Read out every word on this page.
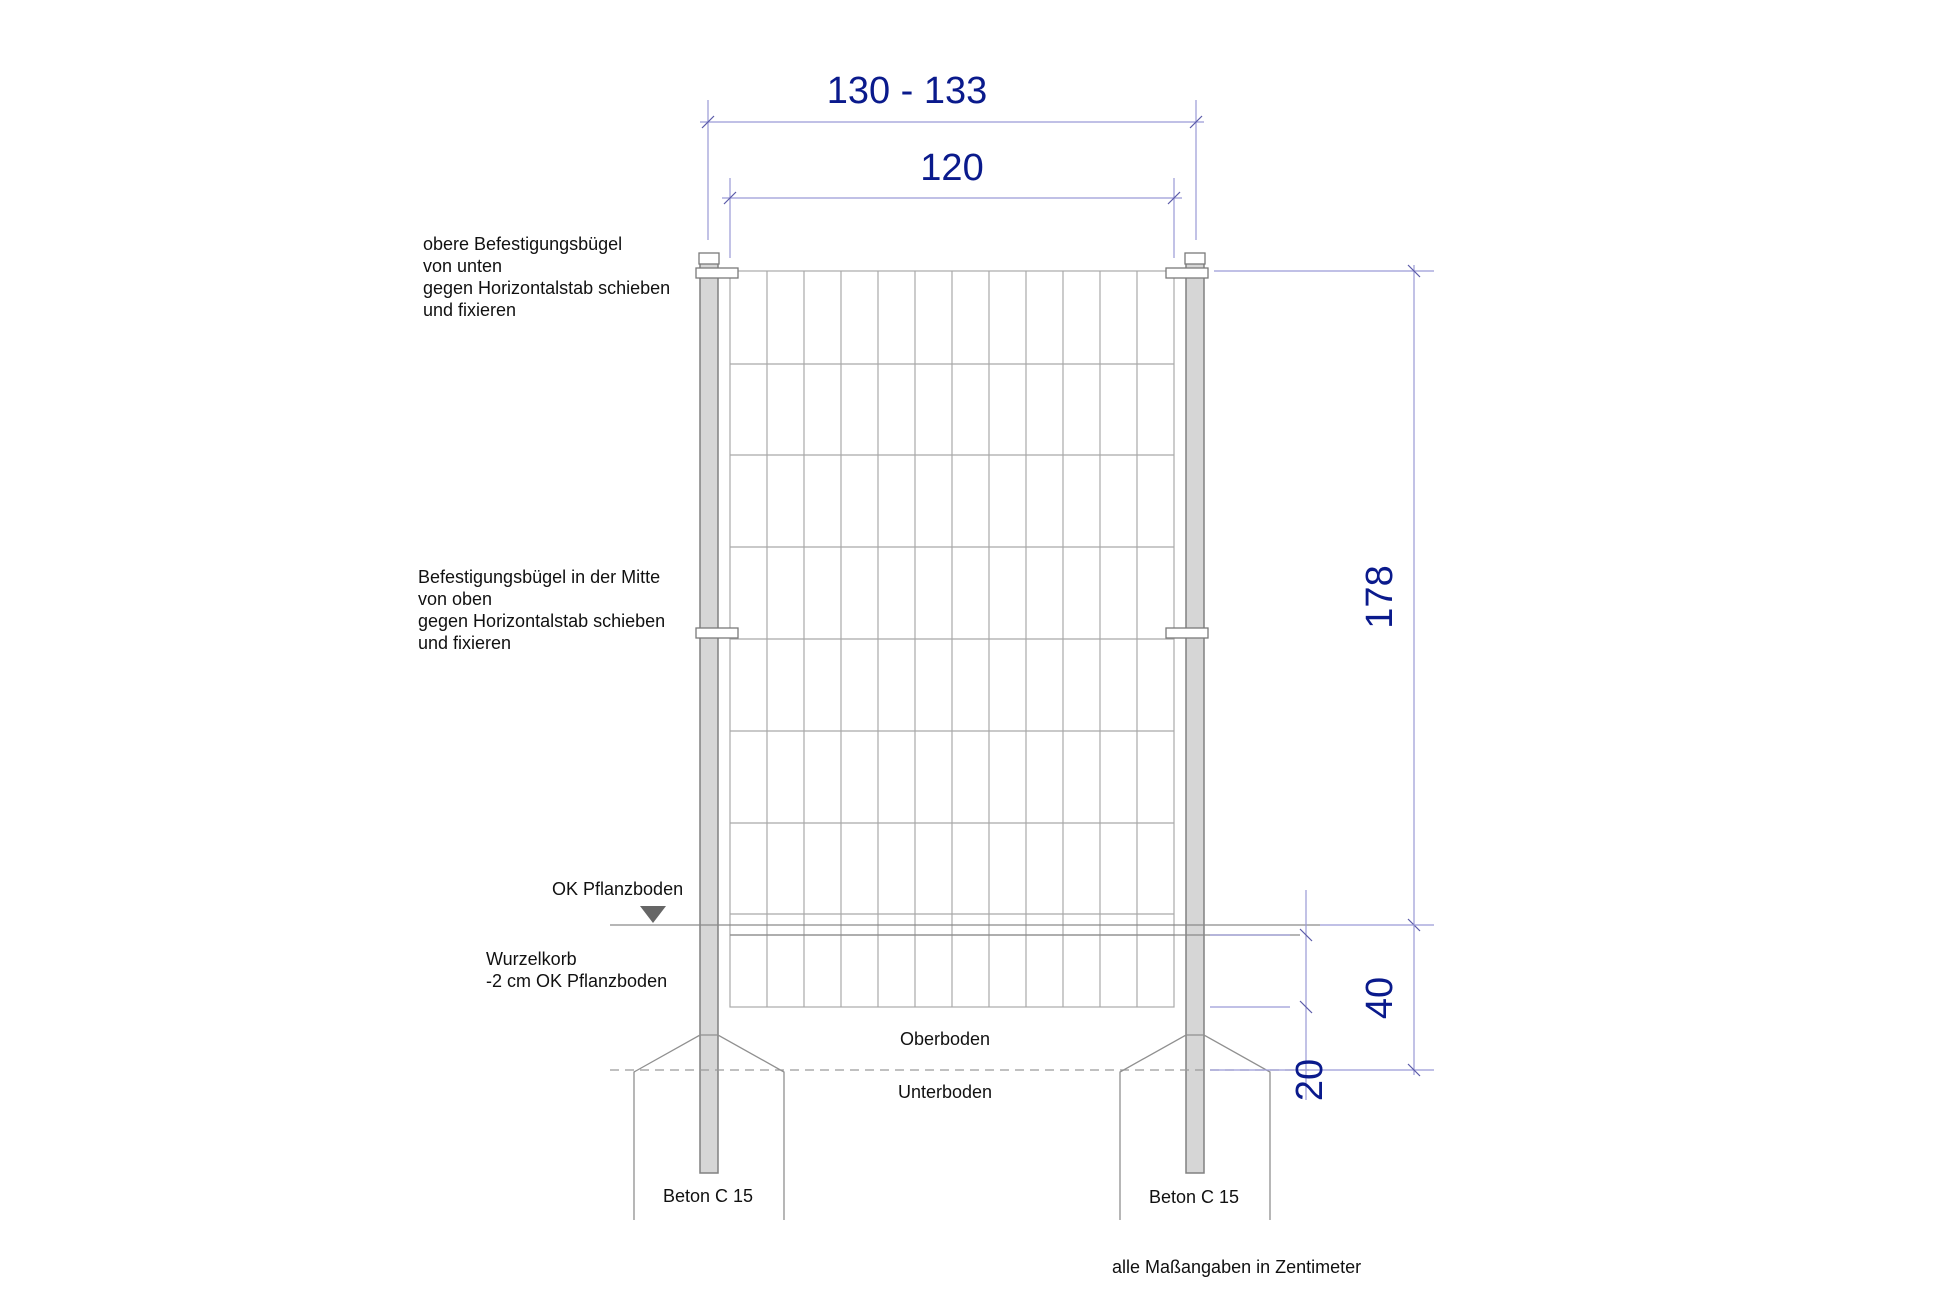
130 - 133
120
178
40
20
obere Befestigungsbügel von unten gegen Horizontalstab schieben und fixieren
Befestigungsbügel in der Mitte von oben gegen Horizontalstab schieben und fixieren
OK Pflanzboden
Wurzelkorb -2 cm OK Pflanzboden
Oberboden
Unterboden
Beton C 15	Beton C 15
alle Maßangaben in Zentimeter
